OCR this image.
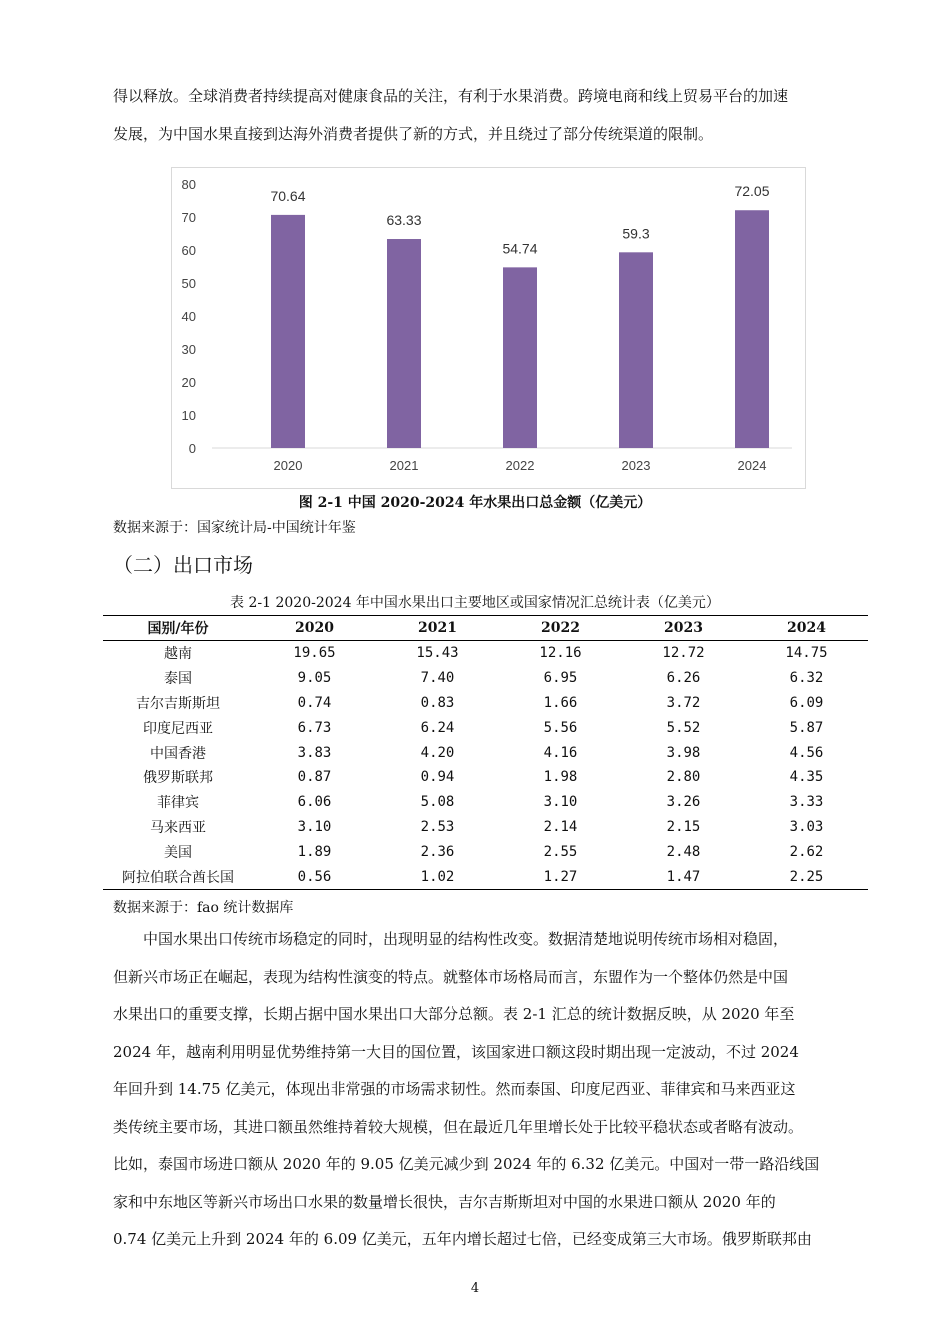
得以释放。全球消费者持续提高对健康食品的关注，有利于水果消费。跨境电商和线上贸易平台的加速
发展，为中国水果直接到达海外消费者提供了新的方式，并且绕过了部分传统渠道的限制。
0
10
20
30
40
50
60
70
80
70.64
2020
63.33
2021
54.74
2022
59.3
2023
72.05
2024
图 2-1 中国 2020-2024 年水果出口总金额（亿美元）
数据来源于：国家统计局-中国统计年鉴
（二）出口市场
表 2-1 2020-2024 年中国水果出口主要地区或国家情况汇总统计表（亿美元）
国别/年份	2020	2021	2022	2023	2024
越南	19.65	15.43	12.16	12.72	14.75
泰国	9.05	7.40	6.95	6.26	6.32
吉尔吉斯斯坦	0.74	0.83	1.66	3.72	6.09
印度尼西亚	6.73	6.24	5.56	5.52	5.87
中国香港	3.83	4.20	4.16	3.98	4.56
俄罗斯联邦	0.87	0.94	1.98	2.80	4.35
菲律宾	6.06	5.08	3.10	3.26	3.33
马来西亚	3.10	2.53	2.14	2.15	3.03
美国	1.89	2.36	2.55	2.48	2.62
阿拉伯联合酋长国	0.56	1.02	1.27	1.47	2.25
数据来源于：fao 统计数据库
中国水果出口传统市场稳定的同时，出现明显的结构性改变。数据清楚地说明传统市场相对稳固，
但新兴市场正在崛起，表现为结构性演变的特点。就整体市场格局而言，东盟作为一个整体仍然是中国
水果出口的重要支撑，长期占据中国水果出口大部分总额。表 2-1 汇总的统计数据反映，从 2020 年至
2024 年，越南利用明显优势维持第一大目的国位置，该国家进口额这段时期出现一定波动，不过 2024
年回升到 14.75 亿美元，体现出非常强的市场需求韧性。然而泰国、印度尼西亚、菲律宾和马来西亚这
类传统主要市场，其进口额虽然维持着较大规模，但在最近几年里增长处于比较平稳状态或者略有波动。
比如，泰国市场进口额从 2020 年的 9.05 亿美元减少到 2024 年的 6.32 亿美元。中国对一带一路沿线国
家和中东地区等新兴市场出口水果的数量增长很快，吉尔吉斯斯坦对中国的水果进口额从 2020 年的
0.74 亿美元上升到 2024 年的 6.09 亿美元，五年内增长超过七倍，已经变成第三大市场。俄罗斯联邦由
4
